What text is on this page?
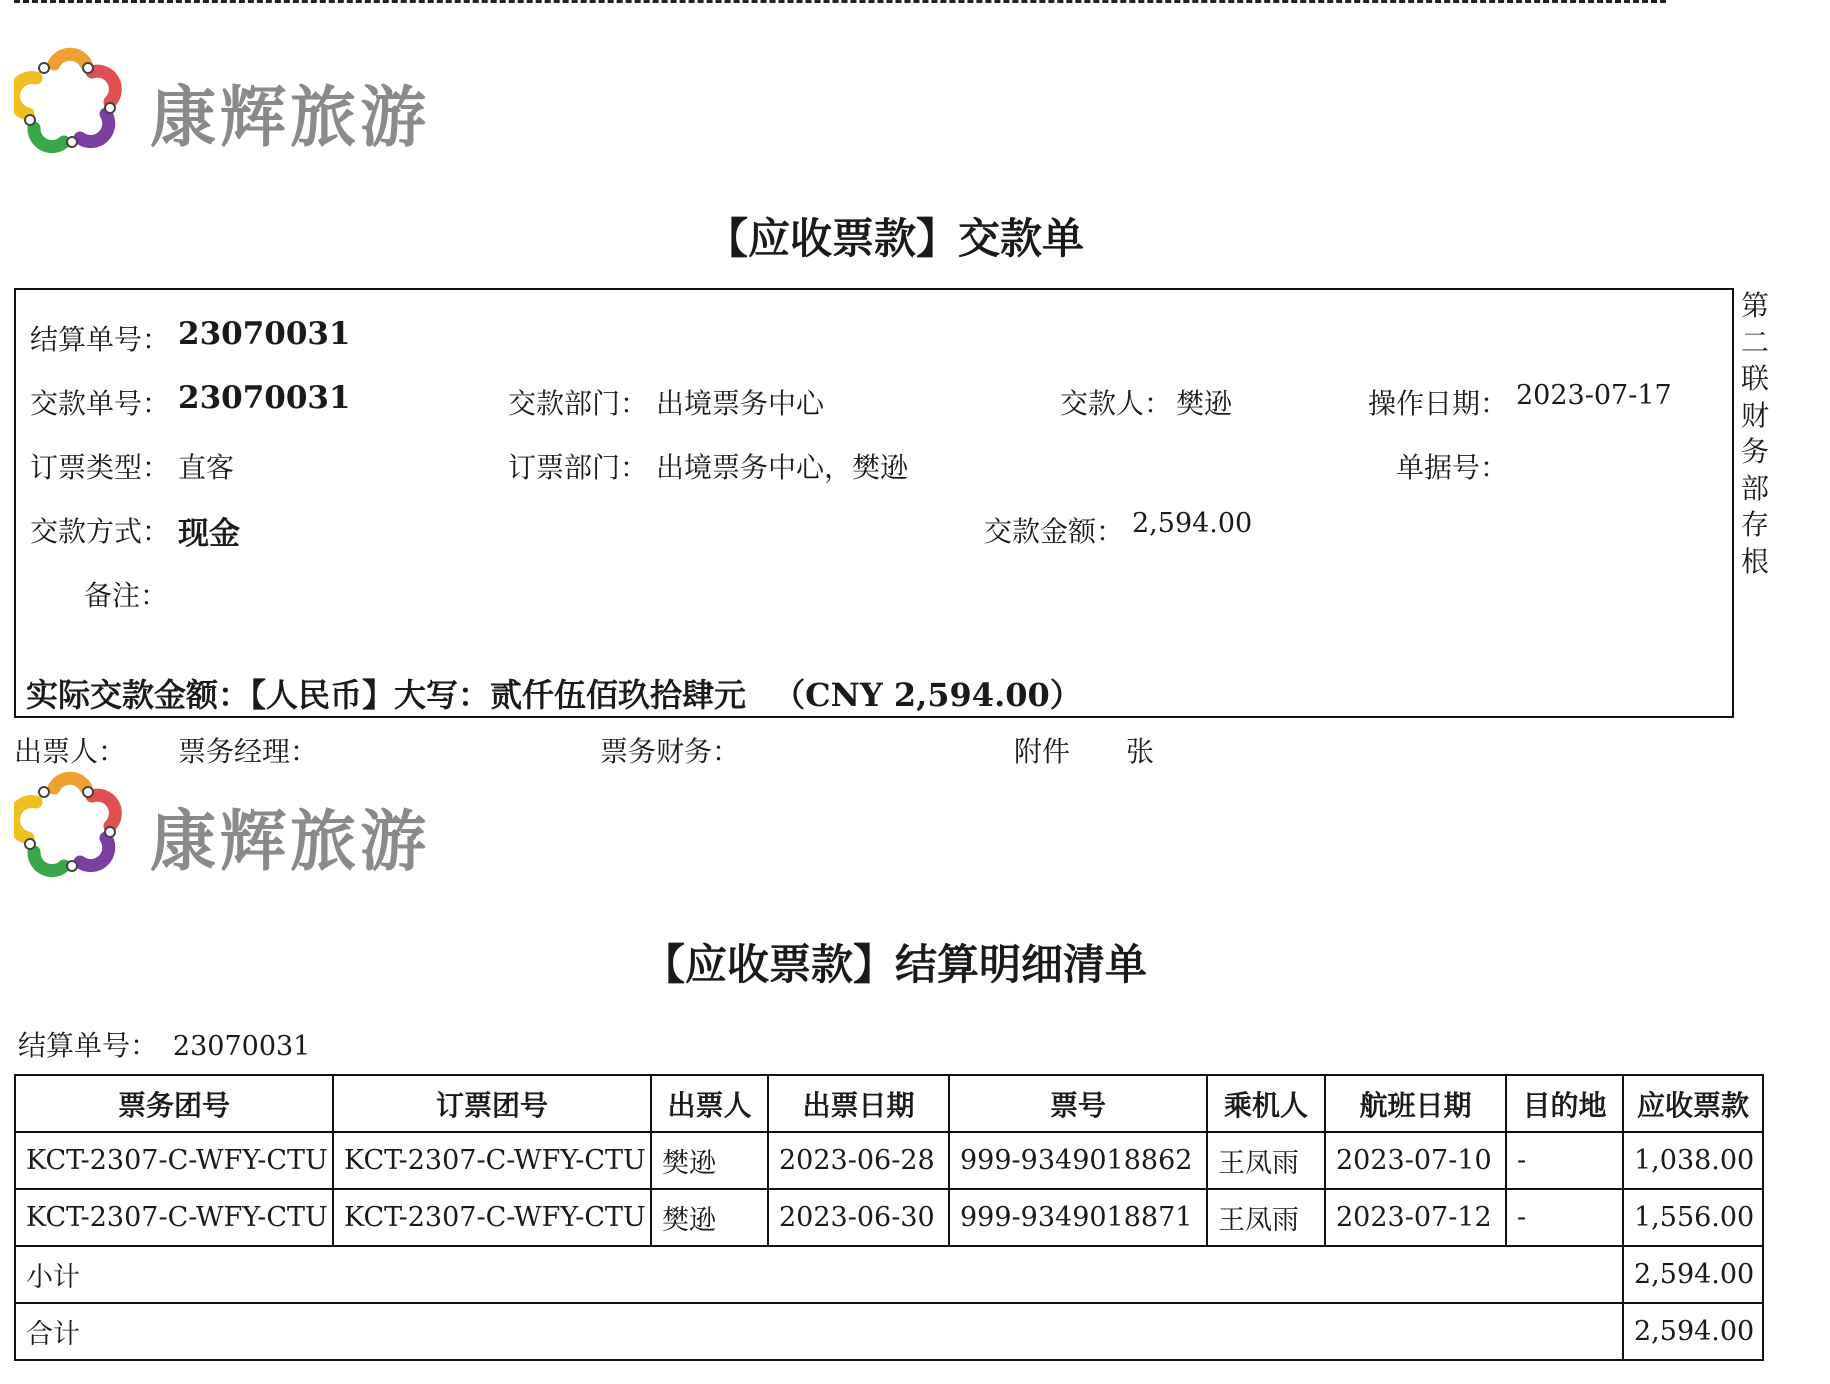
康辉旅游
【应收票款】交款单
结算单号： 23070031
交款单号： 23070031	交款部门： 出境票务中心	交款人： 樊逊	操作日期： 2023-07-17
订票类型： 直客	订票部门： 出境票务中心，樊逊	单据号：
交款方式： 现金	交款金额： 2,594.00
备注：
实际交款金额：【人民币】大写：贰仟伍佰玖拾肆元 （CNY 2,594.00）
第
二
联
财
务
部
存
根
出票人： 票务经理：	票务财务：	附件 张
康辉旅游
【应收票款】结算明细清单
结算单号： 23070031
票务团号	订票团号	出票人	出票日期	票号	乘机人	航班日期	目的地	应收票款
KCT-2307-C-WFY-CTU	KCT-2307-C-WFY-CTU	樊逊	2023-06-28	999-9349018862	王凤雨	2023-07-10	-	1,038.00
KCT-2307-C-WFY-CTU	KCT-2307-C-WFY-CTU	樊逊	2023-06-30	999-9349018871	王凤雨	2023-07-12	-	1,556.00
小计								2,594.00
合计								2,594.00
